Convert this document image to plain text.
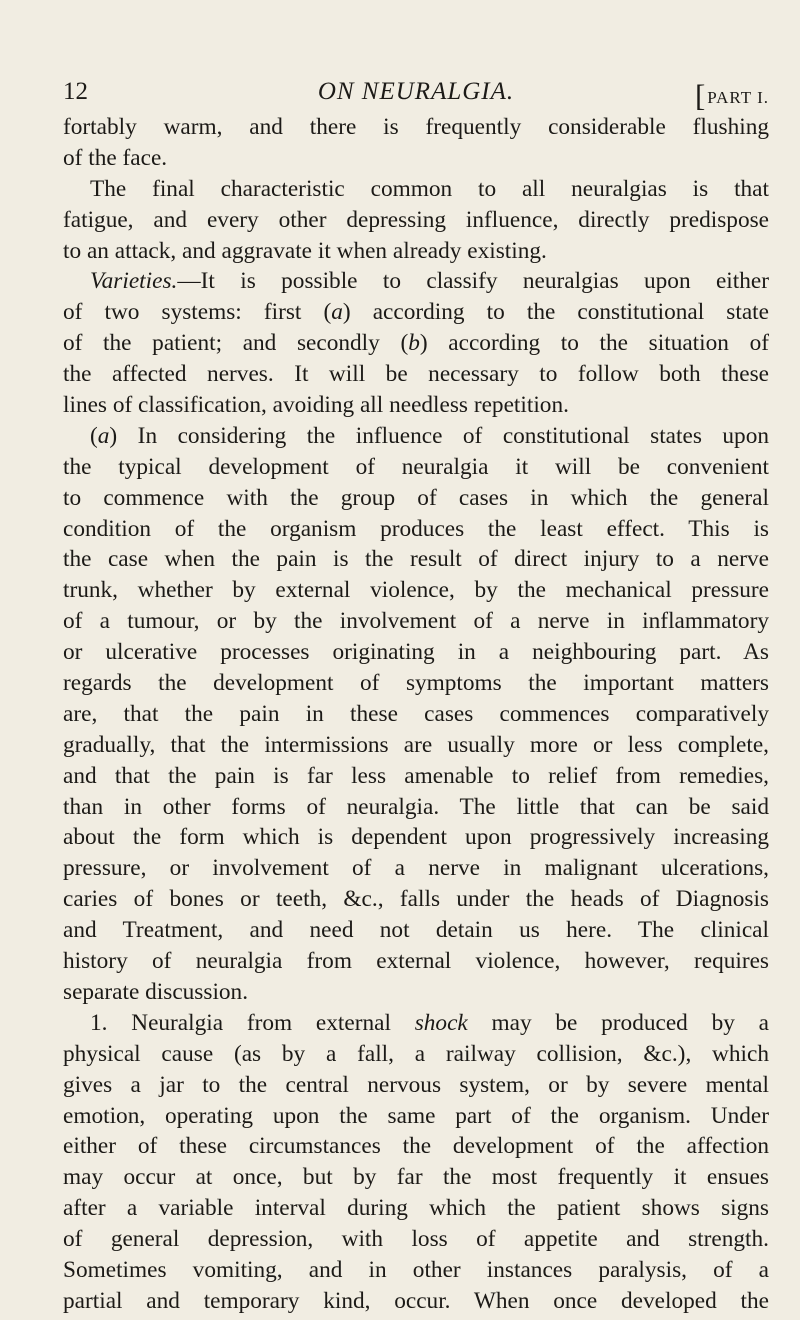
12	ON NEURALGIA.
[	PART I.
fortably warm, and there is frequently considerable flushing
of the face.
The final characteristic common to all neuralgias is that
fatigue, and every other depressing influence, directly predispose
to an attack, and aggravate it when already existing.
Varieties.—It is possible to classify neuralgias upon either
of two systems: first (a) according to the constitutional state
of the patient; and secondly (b) according to the situation of
the affected nerves. It will be necessary to follow both these
lines of classification, avoiding all needless repetition.
(a) In considering the influence of constitutional states upon
the typical development of neuralgia it will be convenient
to commence with the group of cases in which the general
condition of the organism produces the least effect. This is
the case when the pain is the result of direct injury to a nerve
trunk, whether by external violence, by the mechanical pressure
of a tumour, or by the involvement of a nerve in inflammatory
or ulcerative processes originating in a neighbouring part. As
regards the development of symptoms the important matters
are, that the pain in these cases commences comparatively
gradually, that the intermissions are usually more or less complete,
and that the pain is far less amenable to relief from remedies,
than in other forms of neuralgia. The little that can be said
about the form which is dependent upon progressively increasing
pressure, or involvement of a nerve in malignant ulcerations,
caries of bones or teeth, &c., falls under the heads of Diagnosis
and Treatment, and need not detain us here. The clinical
history of neuralgia from external violence, however, requires
separate discussion.
1. Neuralgia from external shock may be produced by a
physical cause (as by a fall, a railway collision, &c.), which
gives a jar to the central nervous system, or by severe mental
emotion, operating upon the same part of the organism. Under
either of these circumstances the development of the affection
may occur at once, but by far the most frequently it ensues
after a variable interval during which the patient shows signs
of general depression, with loss of appetite and strength.
Sometimes vomiting, and in other instances paralysis, of a
partial and temporary kind, occur. When once developed the
